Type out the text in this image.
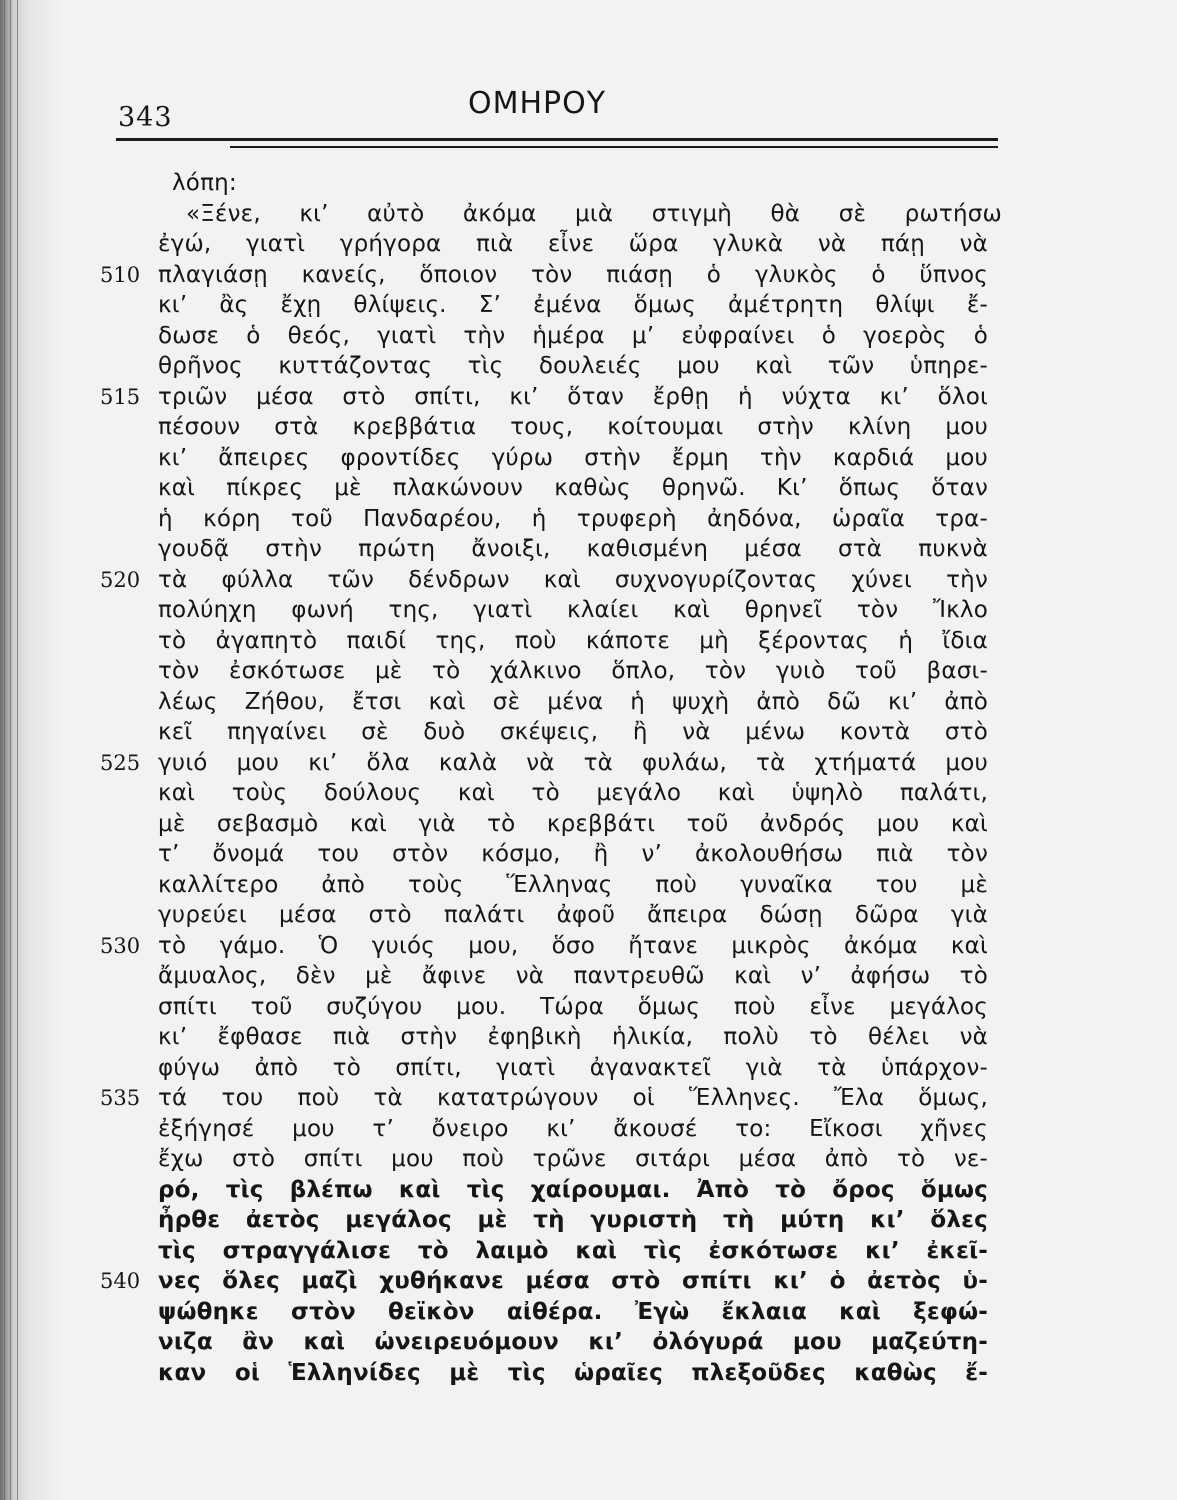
343	ΟΜΗΡΟΥ
λόπη:
«Ξένε, κι’ αὐτὸ ἀκόμα μιὰ στιγμὴ θὰ σὲ ρωτήσω
ἐγώ, γιατὶ γρήγορα πιὰ εἶνε ὥρα γλυκὰ νὰ πάῃ νὰ
510 πλαγιάσῃ κανείς, ὅποιον τὸν πιάσῃ ὁ γλυκὸς ὁ ὕπνος
κι’ ἂς ἔχῃ θλίψεις. Σ’ ἐμένα ὅμως ἀμέτρητη θλίψι ἔ-
δωσε ὁ θεός, γιατὶ τὴν ἡμέρα μ’ εὐφραίνει ὁ γοερὸς ὁ
θρῆνος κυττάζοντας τὶς δουλειές μου καὶ τῶν ὑπηρε-
515 τριῶν μέσα στὸ σπίτι, κι’ ὅταν ἔρθῃ ἡ νύχτα κι’ ὅλοι
πέσουν στὰ κρεββάτια τους, κοίτουμαι στὴν κλίνη μου
κι’ ἄπειρες φροντίδες γύρω στὴν ἔρμη τὴν καρδιά μου
καὶ πίκρες μὲ πλακώνουν καθὼς θρηνῶ. Κι’ ὅπως ὅταν
ἡ κόρη τοῦ Πανδαρέου, ἡ τρυφερὴ ἀηδόνα, ὡραῖα τρα-
γουδᾷ στὴν πρώτη ἄνοιξι, καθισμένη μέσα στὰ πυκνὰ
520 τὰ φύλλα τῶν δένδρων καὶ συχνογυρίζοντας χύνει τὴν
πολύηχη φωνή της, γιατὶ κλαίει καὶ θρηνεῖ τὸν Ἴκλο
τὸ ἀγαπητὸ παιδί της, ποὺ κάποτε μὴ ξέροντας ἡ ἴδια
τὸν ἐσκότωσε μὲ τὸ χάλκινο ὅπλο, τὸν γυιὸ τοῦ βασι-
λέως Ζήθου, ἔτσι καὶ σὲ μένα ἡ ψυχὴ ἀπὸ δῶ κι’ ἀπὸ
κεῖ πηγαίνει σὲ δυὸ σκέψεις, ἢ νὰ μένω κοντὰ στὸ
525 γυιό μου κι’ ὅλα καλὰ νὰ τὰ φυλάω, τὰ χτήματά μου
καὶ τοὺς δούλους καὶ τὸ μεγάλο καὶ ὑψηλὸ παλάτι,
μὲ σεβασμὸ καὶ γιὰ τὸ κρεββάτι τοῦ ἀνδρός μου καὶ
τ’ ὄνομά του στὸν κόσμο, ἢ ν’ ἀκολουθήσω πιὰ τὸν
καλλίτερο ἀπὸ τοὺς Ἕλληνας ποὺ γυναῖκα του μὲ
γυρεύει μέσα στὸ παλάτι ἀφοῦ ἄπειρα δώσῃ δῶρα γιὰ
530 τὸ γάμο. Ὁ γυιός μου, ὅσο ἤτανε μικρὸς ἀκόμα καὶ
ἄμυαλος, δὲν μὲ ἄφινε νὰ παντρευθῶ καὶ ν’ ἀφήσω τὸ
σπίτι τοῦ συζύγου μου. Τώρα ὅμως ποὺ εἶνε μεγάλος
κι’ ἔφθασε πιὰ στὴν ἐφηβικὴ ἡλικία, πολὺ τὸ θέλει νὰ
φύγω ἀπὸ τὸ σπίτι, γιατὶ ἀγανακτεῖ γιὰ τὰ ὑπάρχον-
535 τά του ποὺ τὰ κατατρώγουν οἱ Ἕλληνες. Ἔλα ὅμως,
ἐξήγησέ μου τ’ ὄνειρο κι’ ἄκουσέ το: Εἴκοσι χῆνες
ἔχω στὸ σπίτι μου ποὺ τρῶνε σιτάρι μέσα ἀπὸ τὸ νε-
ρό, τὶς βλέπω καὶ τὶς χαίρουμαι. Ἀπὸ τὸ ὄρος ὅμως
ἦρθε ἀετὸς μεγάλος μὲ τὴ γυριστὴ τὴ μύτη κι’ ὅλες
τὶς στραγγάλισε τὸ λαιμὸ καὶ τὶς ἐσκότωσε κι’ ἐκεῖ-
540 νες ὅλες μαζὶ χυθήκανε μέσα στὸ σπίτι κι’ ὁ ἀετὸς ὑ-
ψώθηκε στὸν θεϊκὸν αἰθέρα. Ἐγὼ ἔκλαια καὶ ξεφώ-
νιζα ἂν καὶ ὠνειρευόμουν κι’ ὀλόγυρά μου μαζεύτη-
καν οἱ Ἑλληνίδες μὲ τὶς ὡραῖες πλεξοῦδες καθὼς ἔ-
